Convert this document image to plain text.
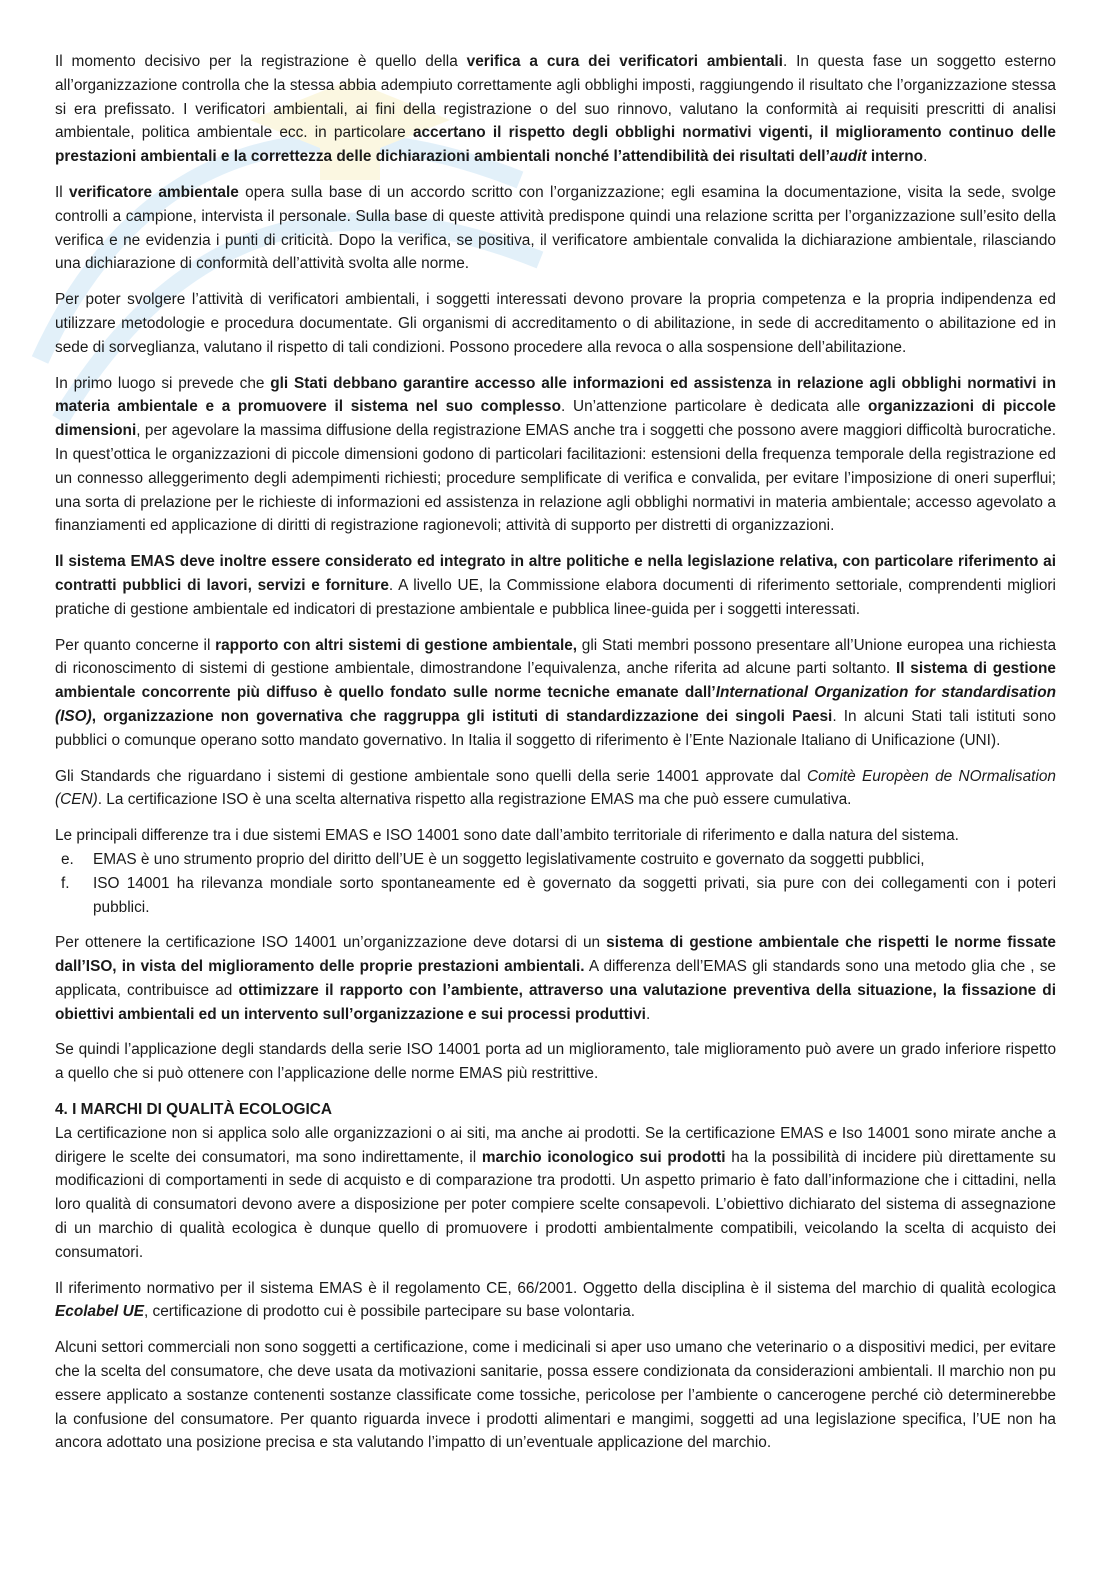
Il momento decisivo per la registrazione è quello della verifica a cura dei verificatori ambientali. In questa fase un soggetto esterno all’organizzazione controlla che la stessa abbia adempiuto correttamente agli obblighi imposti, raggiungendo il risultato che l’organizzazione stessa si era prefissato. I verificatori ambientali, ai fini della registrazione o del suo rinnovo, valutano la conformità ai requisiti prescritti di analisi ambientale, politica ambientale ecc. in particolare accertano il rispetto degli obblighi normativi vigenti, il miglioramento continuo delle prestazioni ambientali e la correttezza delle dichiarazioni ambientali nonché l’attendibilità dei risultati dell’audit interno.
Il verificatore ambientale opera sulla base di un accordo scritto con l’organizzazione; egli esamina la documentazione, visita la sede, svolge controlli a campione, intervista il personale. Sulla base di queste attività predispone quindi una relazione scritta per l’organizzazione sull’esito della verifica e ne evidenzia i punti di criticità. Dopo la verifica, se positiva, il verificatore ambientale convalida la dichiarazione ambientale, rilasciando una dichiarazione di conformità dell’attività svolta alle norme.
Per poter svolgere l’attività di verificatori ambientali, i soggetti interessati devono provare la propria competenza e la propria indipendenza ed utilizzare metodologie e procedura documentate. Gli organismi di accreditamento o di abilitazione, in sede di accreditamento o abilitazione ed in sede di sorveglianza, valutano il rispetto di tali condizioni. Possono procedere alla revoca o alla sospensione dell’abilitazione.
In primo luogo si prevede che gli Stati debbano garantire accesso alle informazioni ed assistenza in relazione agli obblighi normativi in materia ambientale e a promuovere il sistema nel suo complesso. Un’attenzione particolare è dedicata alle organizzazioni di piccole dimensioni, per agevolare la massima diffusione della registrazione EMAS anche tra i soggetti che possono avere maggiori difficoltà burocratiche. In quest’ottica le organizzazioni di piccole dimensioni godono di particolari facilitazioni: estensioni della frequenza temporale della registrazione ed un connesso alleggerimento degli adempimenti richiesti; procedure semplificate di verifica e convalida, per evitare l’imposizione di oneri superflui; una sorta di prelazione per le richieste di informazioni ed assistenza in relazione agli obblighi normativi in materia ambientale; accesso agevolato a finanziamenti ed applicazione di diritti di registrazione ragionevoli; attività di supporto per distretti di organizzazioni.
Il sistema EMAS deve inoltre essere considerato ed integrato in altre politiche e nella legislazione relativa, con particolare riferimento ai contratti pubblici di lavori, servizi e forniture. A livello UE, la Commissione elabora documenti di riferimento settoriale, comprendenti migliori pratiche di gestione ambientale ed indicatori di prestazione ambientale e pubblica linee-guida per i soggetti interessati.
Per quanto concerne il rapporto con altri sistemi di gestione ambientale, gli Stati membri possono presentare all’Unione europea una richiesta di riconoscimento di sistemi di gestione ambientale, dimostrandone l’equivalenza, anche riferita ad alcune parti soltanto. Il sistema di gestione ambientale concorrente più diffuso è quello fondato sulle norme tecniche emanate dall’International Organization for standardisation (ISO), organizzazione non governativa che raggruppa gli istituti di standardizzazione dei singoli Paesi. In alcuni Stati tali istituti sono pubblici o comunque operano sotto mandato governativo. In Italia il soggetto di riferimento è l’Ente Nazionale Italiano di Unificazione (UNI).
Gli Standards che riguardano i sistemi di gestione ambientale sono quelli della serie 14001 approvate dal Comitè Europèen de NOrmalisation (CEN). La certificazione ISO è una scelta alternativa rispetto alla registrazione EMAS ma che può essere cumulativa.
Le principali differenze tra i due sistemi EMAS e ISO 14001 sono date dall’ambito territoriale di riferimento e dalla natura del sistema.
e.	EMAS è uno strumento proprio del diritto dell’UE è un soggetto legislativamente costruito e governato da soggetti pubblici,
f.	ISO 14001 ha rilevanza mondiale sorto spontaneamente ed è governato da soggetti privati, sia pure con dei collegamenti con i poteri pubblici.
Per ottenere la certificazione ISO 14001 un’organizzazione deve dotarsi di un sistema di gestione ambientale che rispetti le norme fissate dall’ISO, in vista del miglioramento delle proprie prestazioni ambientali. A differenza dell’EMAS gli standards sono una metodo glia che , se applicata, contribuisce ad ottimizzare il rapporto con l’ambiente, attraverso una valutazione preventiva della situazione, la fissazione di obiettivi ambientali ed un intervento sull’organizzazione e sui processi produttivi.
Se quindi l’applicazione degli standards della serie ISO 14001 porta ad un miglioramento, tale miglioramento può avere un grado inferiore rispetto a quello che si può ottenere con l’applicazione delle norme EMAS più restrittive.
4. I MARCHI DI QUALITÀ ECOLOGICA
La certificazione non si applica solo alle organizzazioni o ai siti, ma anche ai prodotti. Se la certificazione EMAS e Iso 14001 sono mirate anche a dirigere le scelte dei consumatori, ma sono indirettamente, il marchio iconologico sui prodotti ha la possibilità di incidere più direttamente su modificazioni di comportamenti in sede di acquisto e di comparazione tra prodotti. Un aspetto primario è fato dall’informazione che i cittadini, nella loro qualità di consumatori devono avere a disposizione per poter compiere scelte consapevoli. L’obiettivo dichiarato del sistema di assegnazione di un marchio di qualità ecologica è dunque quello di promuovere i prodotti ambientalmente compatibili, veicolando la scelta di acquisto dei consumatori.
Il riferimento normativo per il sistema EMAS è il regolamento CE, 66/2001. Oggetto della disciplina è il sistema del marchio di qualità ecologica Ecolabel UE, certificazione di prodotto cui è possibile partecipare su base volontaria.
Alcuni settori commerciali non sono soggetti a certificazione, come i medicinali si aper uso umano che veterinario o a dispositivi medici, per evitare che la scelta del consumatore, che deve usata da motivazioni sanitarie, possa essere condizionata da considerazioni ambientali. Il marchio non pu essere applicato a sostanze contenenti sostanze classificate come tossiche, pericolose per l’ambiente o cancerogene perché ciò determinerebbe la confusione del consumatore. Per quanto riguarda invece i prodotti alimentari e mangimi, soggetti ad una legislazione specifica, l’UE non ha ancora adottato una posizione precisa e sta valutando l’impatto di un’eventuale applicazione del marchio.
